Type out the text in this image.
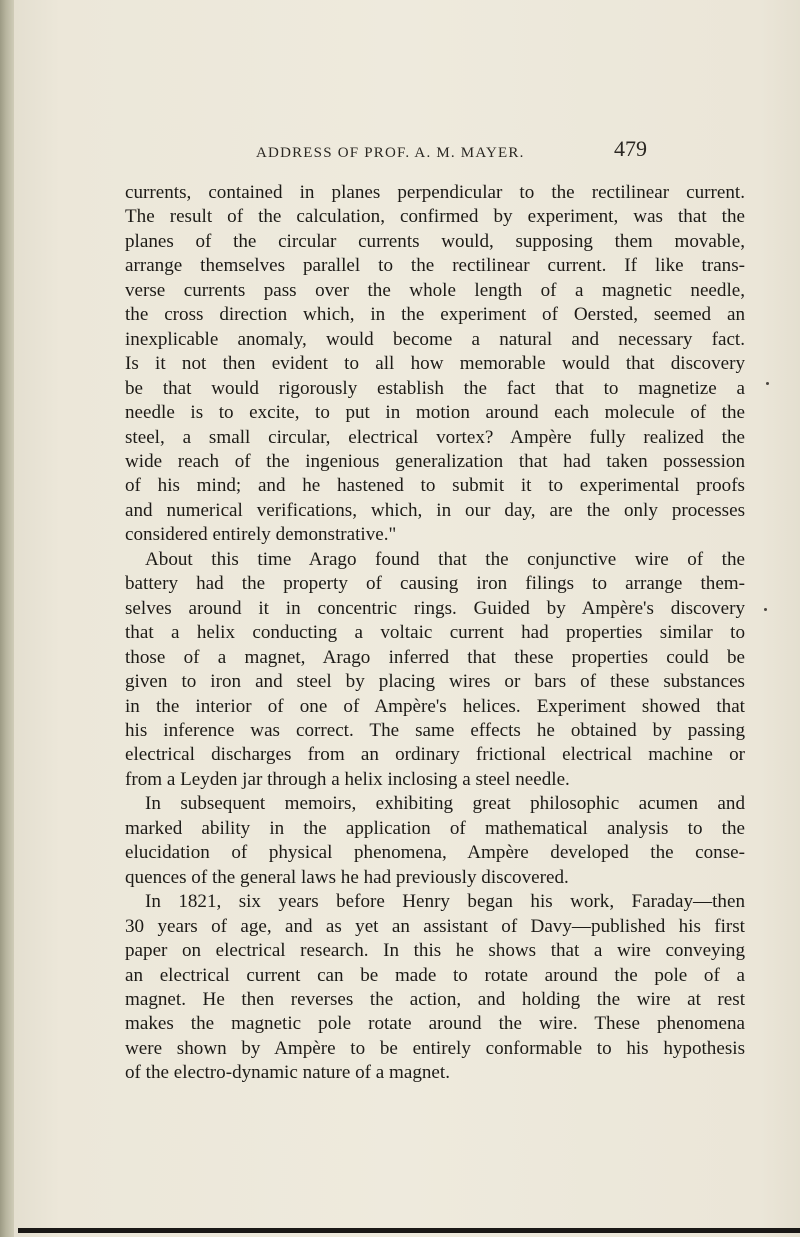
ADDRESS OF PROF. A. M. MAYER.	479
currents, contained in planes perpendicular to the rectilinear current.
The result of the calculation, confirmed by experiment, was that the
planes of the circular currents would, supposing them movable,
arrange themselves parallel to the rectilinear current. If like trans-
verse currents pass over the whole length of a magnetic needle,
the cross direction which, in the experiment of Oersted, seemed an
inexplicable anomaly, would become a natural and necessary fact.
Is it not then evident to all how memorable would that discovery
be that would rigorously establish the fact that to magnetize a
needle is to excite, to put in motion around each molecule of the
steel, a small circular, electrical vortex? Ampère fully realized the
wide reach of the ingenious generalization that had taken possession
of his mind; and he hastened to submit it to experimental proofs
and numerical verifications, which, in our day, are the only processes
considered entirely demonstrative."
About this time Arago found that the conjunctive wire of the
battery had the property of causing iron filings to arrange them-
selves around it in concentric rings. Guided by Ampère's discovery
that a helix conducting a voltaic current had properties similar to
those of a magnet, Arago inferred that these properties could be
given to iron and steel by placing wires or bars of these substances
in the interior of one of Ampère's helices. Experiment showed that
his inference was correct. The same effects he obtained by passing
electrical discharges from an ordinary frictional electrical machine or
from a Leyden jar through a helix inclosing a steel needle.
In subsequent memoirs, exhibiting great philosophic acumen and
marked ability in the application of mathematical analysis to the
elucidation of physical phenomena, Ampère developed the conse-
quences of the general laws he had previously discovered.
In 1821, six years before Henry began his work, Faraday—then
30 years of age, and as yet an assistant of Davy—published his first
paper on electrical research. In this he shows that a wire conveying
an electrical current can be made to rotate around the pole of a
magnet. He then reverses the action, and holding the wire at rest
makes the magnetic pole rotate around the wire. These phenomena
were shown by Ampère to be entirely conformable to his hypothesis
of the electro-dynamic nature of a magnet.
